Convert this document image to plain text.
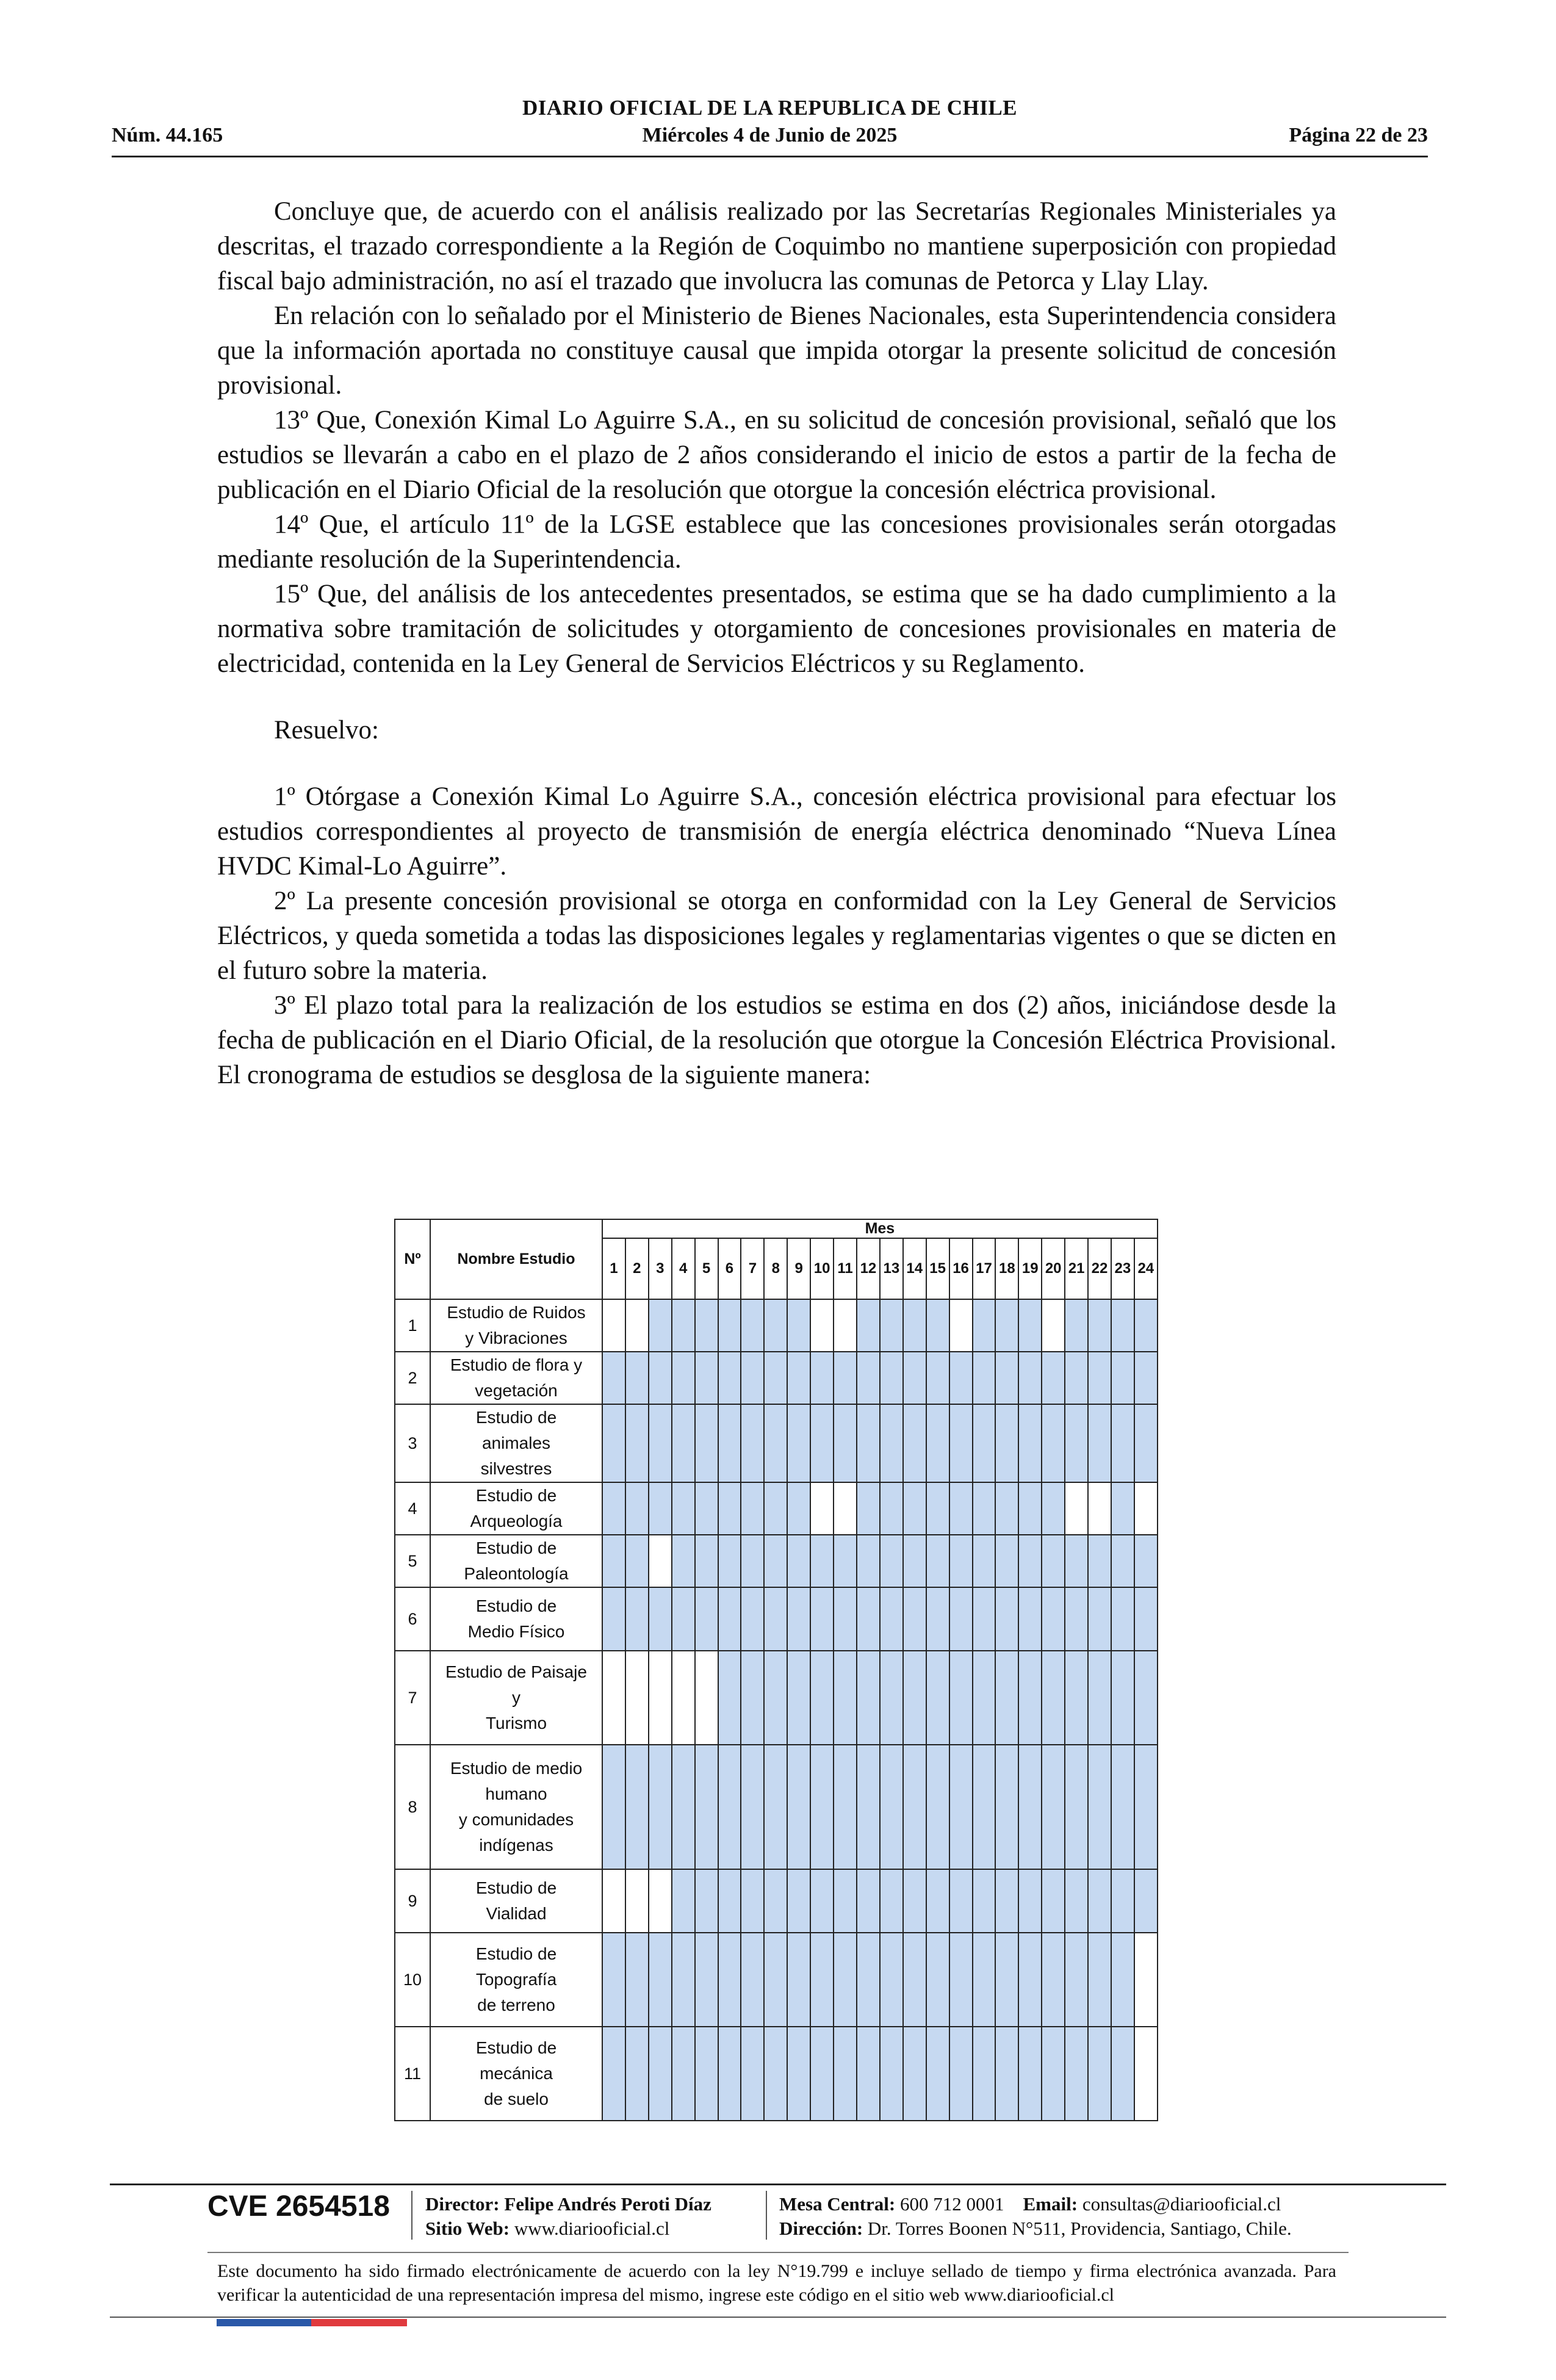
DIARIO OFICIAL DE LA REPUBLICA DE CHILE
Núm. 44.165	Miércoles 4 de Junio de 2025	Página 22 de 23

Concluye que, de acuerdo con el análisis realizado por las Secretarías Regionales Ministeriales ya descritas, el trazado correspondiente a la Región de Coquimbo no mantiene superposición con propiedad fiscal bajo administración, no así el trazado que involucra las comunas de Petorca y Llay Llay.

En relación con lo señalado por el Ministerio de Bienes Nacionales, esta Superintendencia considera que la información aportada no constituye causal que impida otorgar la presente solicitud de concesión provisional.

13º Que, Conexión Kimal Lo Aguirre S.A., en su solicitud de concesión provisional, señaló que los estudios se llevarán a cabo en el plazo de 2 años considerando el inicio de estos a partir de la fecha de publicación en el Diario Oficial de la resolución que otorgue la concesión eléctrica provisional.

14º Que, el artículo 11º de la LGSE establece que las concesiones provisionales serán otorgadas mediante resolución de la Superintendencia.

15º Que, del análisis de los antecedentes presentados, se estima que se ha dado cumplimiento a la normativa sobre tramitación de solicitudes y otorgamiento de concesiones provisionales en materia de electricidad, contenida en la Ley General de Servicios Eléctricos y su Reglamento.

Resuelvo:

1º Otórgase a Conexión Kimal Lo Aguirre S.A., concesión eléctrica provisional para efectuar los estudios correspondientes al proyecto de transmisión de energía eléctrica denominado “Nueva Línea HVDC Kimal-Lo Aguirre”.

2º La presente concesión provisional se otorga en conformidad con la Ley General de Servicios Eléctricos, y queda sometida a todas las disposiciones legales y reglamentarias vigentes o que se dicten en el futuro sobre la materia.

3º El plazo total para la realización de los estudios se estima en dos (2) años, iniciándose desde la fecha de publicación en el Diario Oficial, de la resolución que otorgue la Concesión Eléctrica Provisional. El cronograma de estudios se desglosa de la siguiente manera:

Nº	Nombre Estudio	Mes																							
		1	2	3	4	5	6	7	8	9	10	11	12	13	14	15	16	17	18	19	20	21	22	23	24
1	Estudio de Ruidos
y Vibraciones																								

2	Estudio de flora y
vegetación																								

3	Estudio de
animales
silvestres																								

4	Estudio de
Arqueología																								

5	Estudio de
Paleontología																								

6	Estudio de
Medio Físico																								

7	Estudio de Paisaje
y
Turismo																								

8	Estudio de medio
humano
y comunidades
indígenas																								

9	Estudio de
Vialidad																								

10	Estudio de
Topografía
de terreno																								

11	Estudio de
mecánica
de suelo																								

CVE 2654518 Director: Felipe Andrés Peroti Díaz
Sitio Web: www.diariooficial.cl
Mesa Central: 600 712 0001 Email: consultas@diariooficial.cl
Dirección: Dr. Torres Boonen N°511, Providencia, Santiago, Chile.
Este documento ha sido firmado electrónicamente de acuerdo con la ley N°19.799 e incluye sellado de tiempo y firma electrónica avanzada. Para verificar la autenticidad de una representación impresa del mismo, ingrese este código en el sitio web www.diariooficial.cl
